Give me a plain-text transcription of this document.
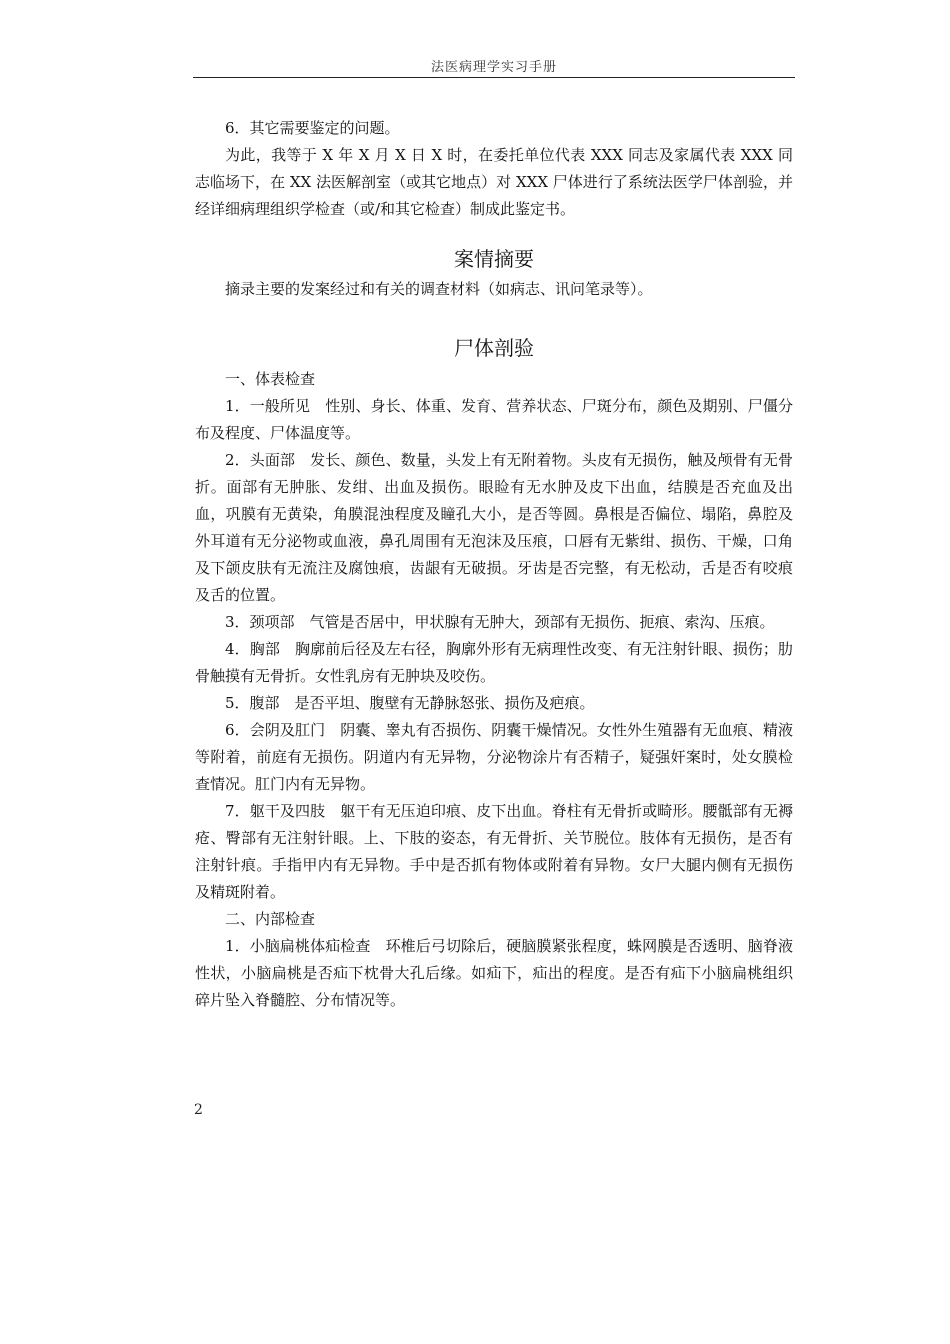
法医病理学实习手册

6．其它需要鉴定的问题。

为此，我等于 X 年 X 月 X 日 X 时，在委托单位代表 XXX 同志及家属代表 XXX 同志临场下，在 XX 法医解剖室（或其它地点）对 XXX 尸体进行了系统法医学尸体剖验，并经详细病理组织学检查（或/和其它检查）制成此鉴定书。

案情摘要

摘录主要的发案经过和有关的调查材料（如病志、讯问笔录等）。

尸体剖验

一、体表检查

1．一般所见　性别、身长、体重、发育、营养状态、尸斑分布，颜色及期别、尸僵分布及程度、尸体温度等。

2．头面部　发长、颜色、数量，头发上有无附着物。头皮有无损伤，触及颅骨有无骨折。面部有无肿胀、发绀、出血及损伤。眼睑有无水肿及皮下出血，结膜是否充血及出血，巩膜有无黄染，角膜混浊程度及瞳孔大小，是否等圆。鼻根是否偏位、塌陷，鼻腔及外耳道有无分泌物或血液，鼻孔周围有无泡沫及压痕，口唇有无紫绀、损伤、干燥，口角及下颌皮肤有无流注及腐蚀痕，齿龈有无破损。牙齿是否完整，有无松动，舌是否有咬痕及舌的位置。

3．颈项部　气管是否居中，甲状腺有无肿大，颈部有无损伤、扼痕、索沟、压痕。

4．胸部　胸廓前后径及左右径，胸廓外形有无病理性改变、有无注射针眼、损伤；肋骨触摸有无骨折。女性乳房有无肿块及咬伤。

5．腹部　是否平坦、腹壁有无静脉怒张、损伤及疤痕。

6．会阴及肛门　阴囊、睾丸有否损伤、阴囊干燥情况。女性外生殖器有无血痕、精液等附着，前庭有无损伤。阴道内有无异物，分泌物涂片有否精子，疑强奸案时，处女膜检查情况。肛门内有无异物。

7．躯干及四肢　躯干有无压迫印痕、皮下出血。脊柱有无骨折或畸形。腰骶部有无褥疮、臀部有无注射针眼。上、下肢的姿态，有无骨折、关节脱位。肢体有无损伤，是否有注射针痕。手指甲内有无异物。手中是否抓有物体或附着有异物。女尸大腿内侧有无损伤及精斑附着。

二、内部检查

1．小脑扁桃体疝检查　环椎后弓切除后，硬脑膜紧张程度，蛛网膜是否透明、脑脊液性状，小脑扁桃是否疝下枕骨大孔后缘。如疝下，疝出的程度。是否有疝下小脑扁桃组织碎片坠入脊髓腔、分布情况等。

2
